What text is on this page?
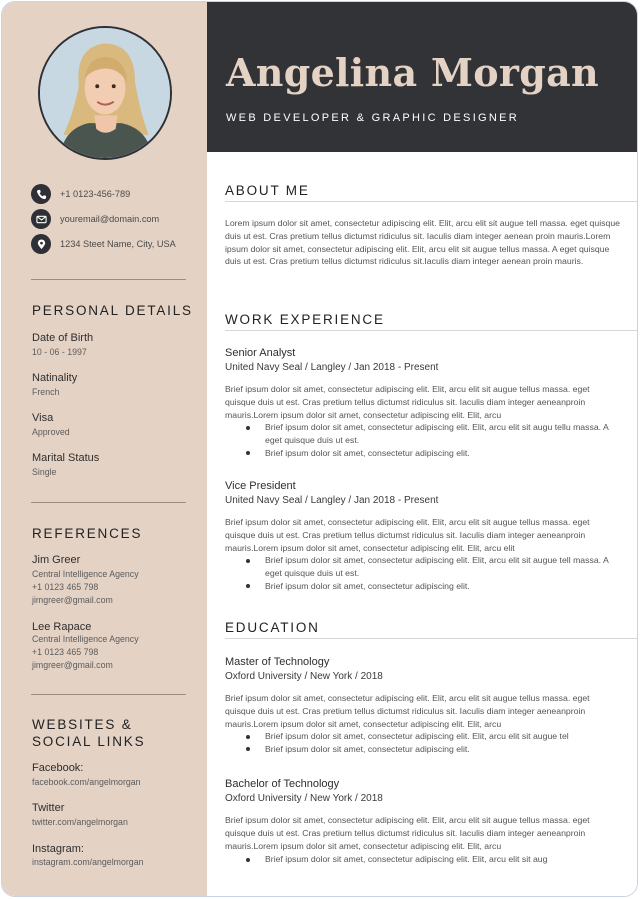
+1 0123-456-789
youremail@domain.com
1234 Steet Name, City, USA
PERSONAL DETAILS
Date of Birth
10 - 06 - 1997
Natinality
French
Visa
Approved
Marital Status
Single
REFERENCES
Jim Greer
Central Intelligence Agency
+1 0123 465 798
jimgreer@gmail.com
Lee Rapace
Central Intelligence Agency
+1 0123 465 798
jimgreer@gmail.com
WEBSITES &
SOCIAL LINKS
Facebook:
facebook.com/angelmorgan
Twitter
twitter.com/angelmorgan
Instagram:
instagram.com/angelmorgan
Angelina Morgan
WEB DEVELOPER & GRAPHIC DESIGNER
ABOUT ME
Lorem ipsum dolor sit amet, consectetur adipiscing elit. Elit, arcu elit sit augue tell massa. eget quisque duis ut est. Cras pretium tellus dictumst ridiculus sit. Iaculis diam integer aenean proin mauris.Lorem ipsum dolor sit amet, consectetur adipiscing elit. Elit, arcu elit sit augue tellus massa. A eget quisque duis ut est. Cras pretium tellus dictumst ridiculus sit.Iaculis diam integer aenean proin mauris.
WORK EXPERIENCE
Senior Analyst
United Navy Seal / Langley / Jan 2018 - Present
Brief ipsum dolor sit amet, consectetur adipiscing elit. Elit, arcu elit sit augue tellus massa. eget quisque duis ut est. Cras pretium tellus dictumst ridiculus sit. Iaculis diam integer aeneanproin mauris.Lorem ipsum dolor sit amet, consectetur adipiscing elit. Elit, arcu
Brief ipsum dolor sit amet, consectetur adipiscing elit. Elit, arcu elit sit augu tellu massa. A eget quisque duis ut est.
Brief ipsum dolor sit amet, consectetur adipiscing elit.
Vice President
United Navy Seal / Langley / Jan 2018 - Present
Brief ipsum dolor sit amet, consectetur adipiscing elit. Elit, arcu elit sit augue tellus massa. eget quisque duis ut est. Cras pretium tellus dictumst ridiculus sit. Iaculis diam integer aeneanproin mauris.Lorem ipsum dolor sit amet, consectetur adipiscing elit. Elit, arcu elit
Brief ipsum dolor sit amet, consectetur adipiscing elit. Elit, arcu elit sit augue tell massa. A eget quisque duis ut est.
Brief ipsum dolor sit amet, consectetur adipiscing elit.
EDUCATION
Master of Technology
Oxford University / New York / 2018
Brief ipsum dolor sit amet, consectetur adipiscing elit. Elit, arcu elit sit augue tellus massa. eget quisque duis ut est. Cras pretium tellus dictumst ridiculus sit. Iaculis diam integer aeneanproin mauris.Lorem ipsum dolor sit amet, consectetur adipiscing elit. Elit, arcu
Brief ipsum dolor sit amet, consectetur adipiscing elit. Elit, arcu elit sit augue tel
Brief ipsum dolor sit amet, consectetur adipiscing elit.
Bachelor of Technology
Oxford University / New York / 2018
Brief ipsum dolor sit amet, consectetur adipiscing elit. Elit, arcu elit sit augue tellus massa. eget quisque duis ut est. Cras pretium tellus dictumst ridiculus sit. Iaculis diam integer aeneanproin mauris.Lorem ipsum dolor sit amet, consectetur adipiscing elit. Elit, arcu
Brief ipsum dolor sit amet, consectetur adipiscing elit. Elit, arcu elit sit aug
